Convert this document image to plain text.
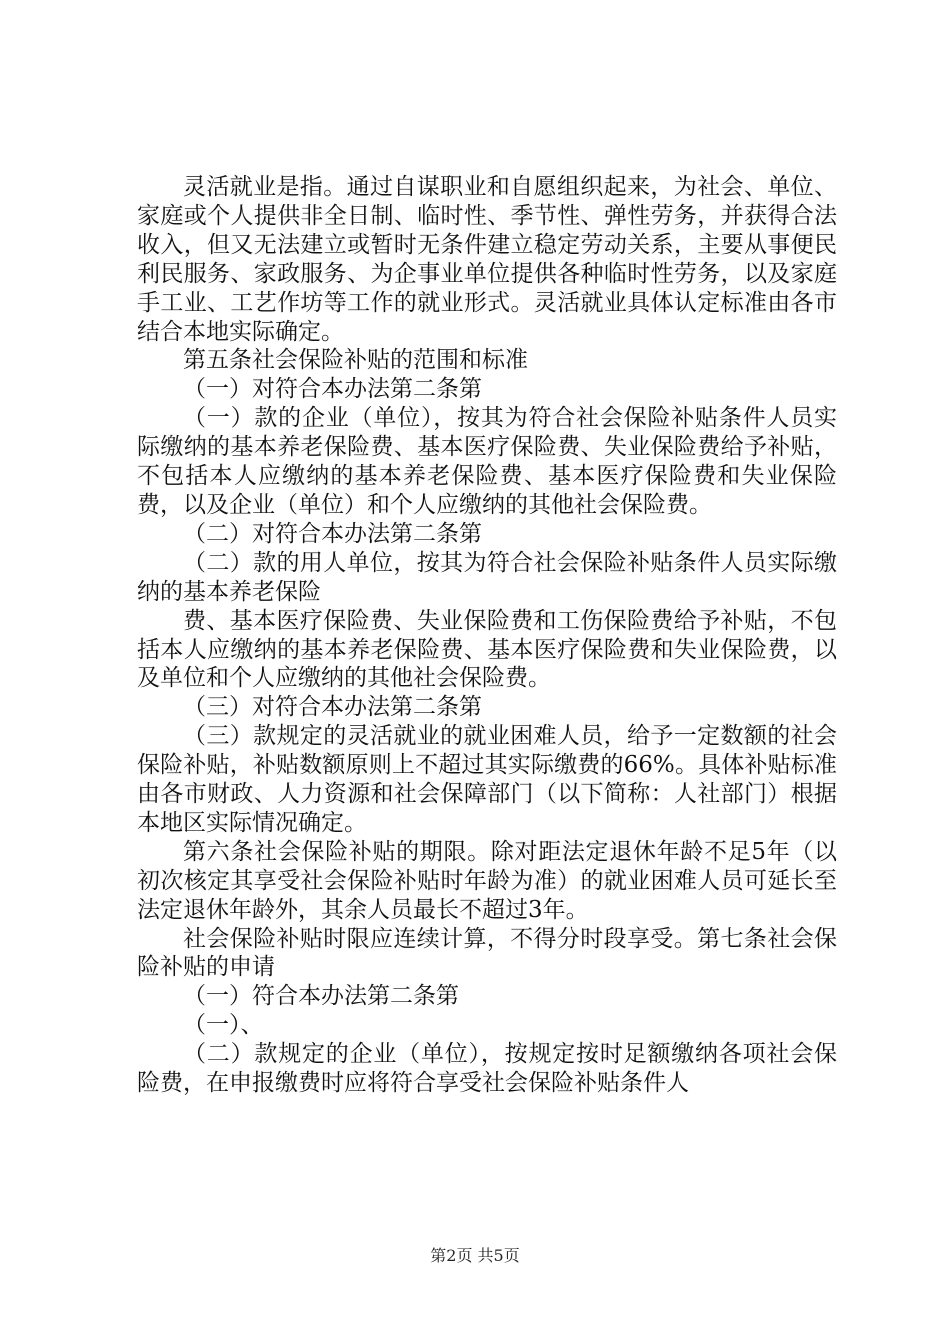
灵活就业是指。通过自谋职业和自愿组织起来，为社会、单位、家庭或个人提供非全日制、临时性、季节性、弹性劳务，并获得合法收入，但又无法建立或暂时无条件建立稳定劳动关系，主要从事便民利民服务、家政服务、为企事业单位提供各种临时性劳务，以及家庭手工业、工艺作坊等工作的就业形式。灵活就业具体认定标准由各市结合本地实际确定。

第五条社会保险补贴的范围和标准

（一）对符合本办法第二条第

（一）款的企业（单位），按其为符合社会保险补贴条件人员实际缴纳的基本养老保险费、基本医疗保险费、失业保险费给予补贴，不包括本人应缴纳的基本养老保险费、基本医疗保险费和失业保险费，以及企业（单位）和个人应缴纳的其他社会保险费。

（二）对符合本办法第二条第

（二）款的用人单位，按其为符合社会保险补贴条件人员实际缴纳的基本养老保险

费、基本医疗保险费、失业保险费和工伤保险费给予补贴，不包括本人应缴纳的基本养老保险费、基本医疗保险费和失业保险费，以及单位和个人应缴纳的其他社会保险费。

（三）对符合本办法第二条第

（三）款规定的灵活就业的就业困难人员，给予一定数额的社会保险补贴，补贴数额原则上不超过其实际缴费的66%。具体补贴标准由各市财政、人力资源和社会保障部门（以下简称：人社部门）根据本地区实际情况确定。

第六条社会保险补贴的期限。除对距法定退休年龄不足5年（以初次核定其享受社会保险补贴时年龄为准）的就业困难人员可延长至法定退休年龄外，其余人员最长不超过3年。

社会保险补贴时限应连续计算，不得分时段享受。第七条社会保险补贴的申请

（一）符合本办法第二条第

（一）、

（二）款规定的企业（单位），按规定按时足额缴纳各项社会保险费，在申报缴费时应将符合享受社会保险补贴条件人

第2页 共5页
